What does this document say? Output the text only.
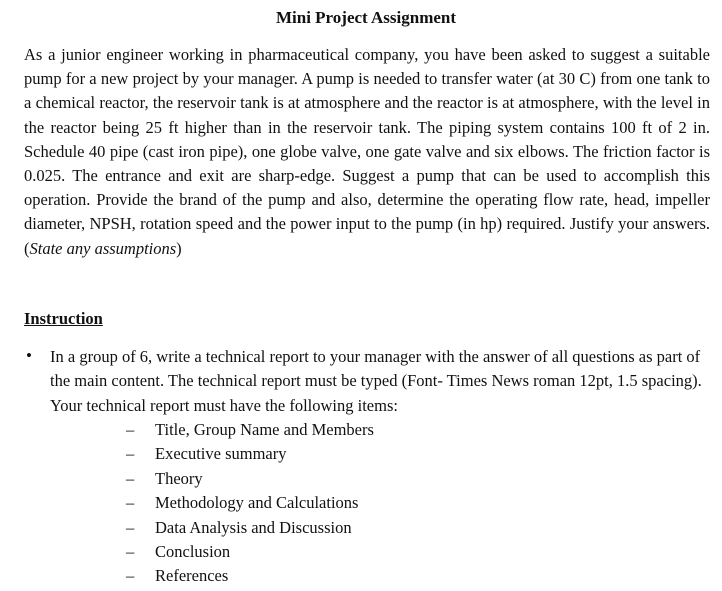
Mini Project Assignment

As a junior engineer working in pharmaceutical company, you have been asked to suggest a suitable pump for a new project by your manager. A pump is needed to transfer water (at 30 C) from one tank to a chemical reactor, the reservoir tank is at atmosphere and the reactor is at atmosphere, with the level in the reactor being 25 ft higher than in the reservoir tank. The piping system contains 100 ft of 2 in. Schedule 40 pipe (cast iron pipe), one globe valve, one gate valve and six elbows. The friction factor is 0.025. The entrance and exit are sharp-edge. Suggest a pump that can be used to accomplish this operation. Provide the brand of the pump and also, determine the operating flow rate, head, impeller diameter, NPSH, rotation speed and the power input to the pump (in hp) required. Justify your answers. (State any assumptions)

Instruction
• In a group of 6, write a technical report to your manager with the answer of all questions as part of the main content. The technical report must be typed (Font- Times News roman 12pt, 1.5 spacing). Your technical report must have the following items:

– Title, Group Name and Members
– Executive summary
– Theory
– Methodology and Calculations
– Data Analysis and Discussion
– Conclusion
– References
